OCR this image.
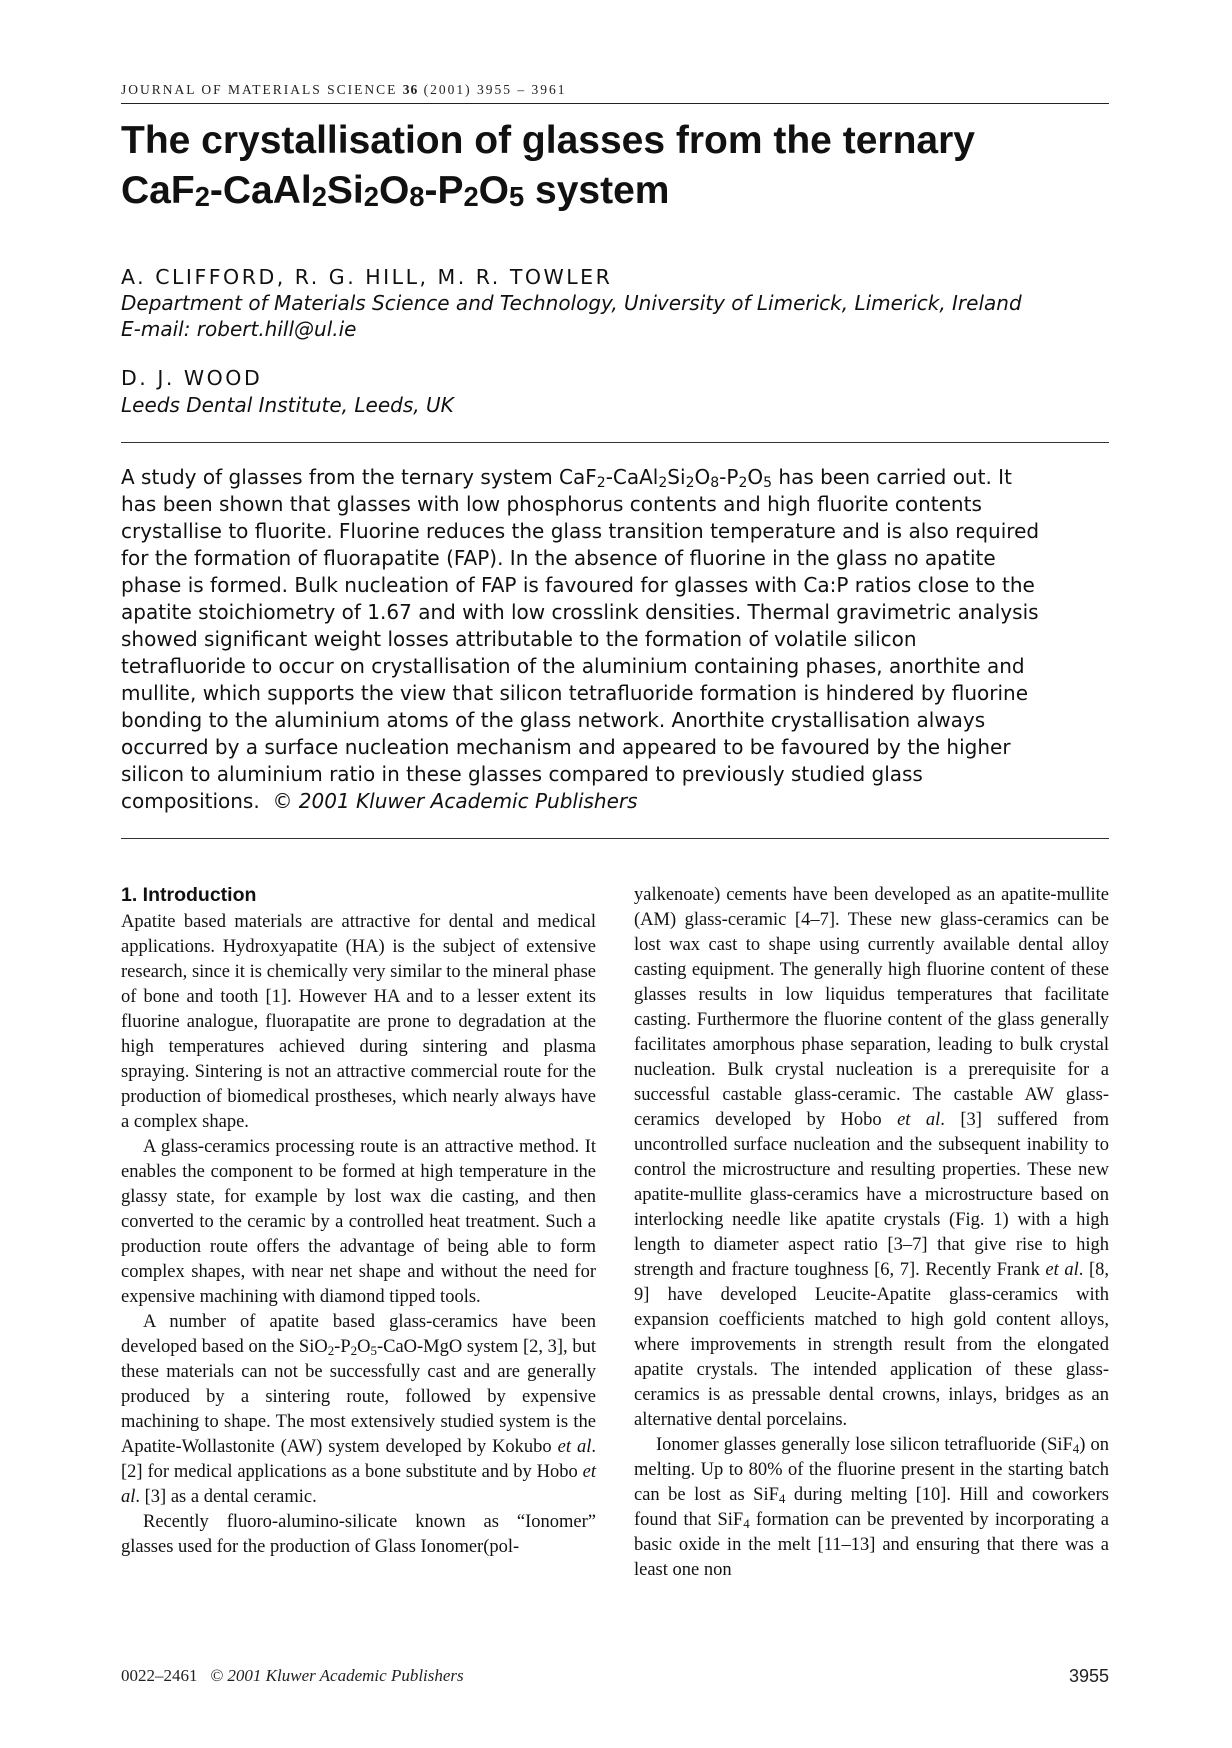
JOURNAL OF MATERIALS SCIENCE 36 (2001) 3955 – 3961
The crystallisation of glasses from the ternary
$CaF_2-CaAl_2Si_2O_8-P_2O_5$ system
A. CLIFFORD, R. G. HILL, M. R. TOWLER
Department of Materials Science and Technology, University of Limerick, Limerick, Ireland
E-mail: robert.hill@ul.ie
D. J. WOOD
Leeds Dental Institute, Leeds, UK
A study of glasses from the ternary system $CaF_2-CaAl_2Si_2O_8-P_2O_5$ has been carried out. It
has been shown that glasses with low phosphorus contents and high fluorite contents
crystallise to fluorite. Fluorine reduces the glass transition temperature and is also required
for the formation of fluorapatite (FAP). In the absence of fluorine in the glass no apatite
phase is formed. Bulk nucleation of FAP is favoured for glasses with Ca:P ratios close to the
apatite stoichiometry of 1.67 and with low crosslink densities. Thermal gravimetric analysis
showed significant weight losses attributable to the formation of volatile silicon
tetrafluoride to occur on crystallisation of the aluminium containing phases, anorthite and
mullite, which supports the view that silicon tetrafluoride formation is hindered by fluorine
bonding to the aluminium atoms of the glass network. Anorthite crystallisation always
occurred by a surface nucleation mechanism and appeared to be favoured by the higher
silicon to aluminium ratio in these glasses compared to previously studied glass
compositions. © 2001 Kluwer Academic Publishers
1. Introduction

Apatite based materials are attractive for dental and medical applications. Hydroxyapatite (HA) is the subject of extensive research, since it is chemically very similar to the mineral phase of bone and tooth [1]. However HA and to a lesser extent its fluorine analogue, fluorapatite are prone to degradation at the high temperatures achieved during sintering and plasma spraying. Sintering is not an attractive commercial route for the production of biomedical prostheses, which nearly always have a complex shape.

A glass-ceramics processing route is an attractive method. It enables the component to be formed at high temperature in the glassy state, for example by lost wax die casting, and then converted to the ceramic by a controlled heat treatment. Such a production route offers the advantage of being able to form complex shapes, with near net shape and without the need for expensive machining with diamond tipped tools.

A number of apatite based glass-ceramics have been developed based on the $SiO_2-P_2O_5-CaO$-MgO system [2, 3], but these materials can not be successfully cast and are generally produced by a sintering route, followed by expensive machining to shape. The most extensively studied system is the Apatite-Wollastonite (AW) system developed by Kokubo et al. [2] for medical applications as a bone substitute and by Hobo et al. [3] as a dental ceramic.

Recently fluoro-alumino-silicate known as “Ionomer” glasses used for the production of Glass Ionomer(pol-

yalkenoate) cements have been developed as an apatite-mullite (AM) glass-ceramic [4–7]. These new glass-ceramics can be lost wax cast to shape using currently available dental alloy casting equipment. The generally high fluorine content of these glasses results in low liquidus temperatures that facilitate casting. Furthermore the fluorine content of the glass generally facilitates amorphous phase separation, leading to bulk crystal nucleation. Bulk crystal nucleation is a prerequisite for a successful castable glass-ceramic. The castable AW glass-ceramics developed by Hobo et al. [3] suffered from uncontrolled surface nucleation and the subsequent inability to control the microstructure and resulting properties. These new apatite-mullite glass-ceramics have a microstructure based on interlocking needle like apatite crystals (Fig. 1) with a high length to diameter aspect ratio [3–7] that give rise to high strength and fracture toughness [6, 7]. Recently Frank et al. [8, 9] have developed Leucite-Apatite glass-ceramics with expansion coefficients matched to high gold content alloys, where improvements in strength result from the elongated apatite crystals. The intended application of these glass-ceramics is as pressable dental crowns, inlays, bridges as an alternative dental porcelains.

Ionomer glasses generally lose silicon tetrafluoride (SiF$_4$) on melting. Up to 80% of the fluorine present in the starting batch can be lost as SiF$_4$ during melting [10]. Hill and coworkers found that SiF$_4$ formation can be prevented by incorporating a basic oxide in the melt [11–13] and ensuring that there was a least one non

0022–2461 © 2001 Kluwer Academic Publishers	3955
